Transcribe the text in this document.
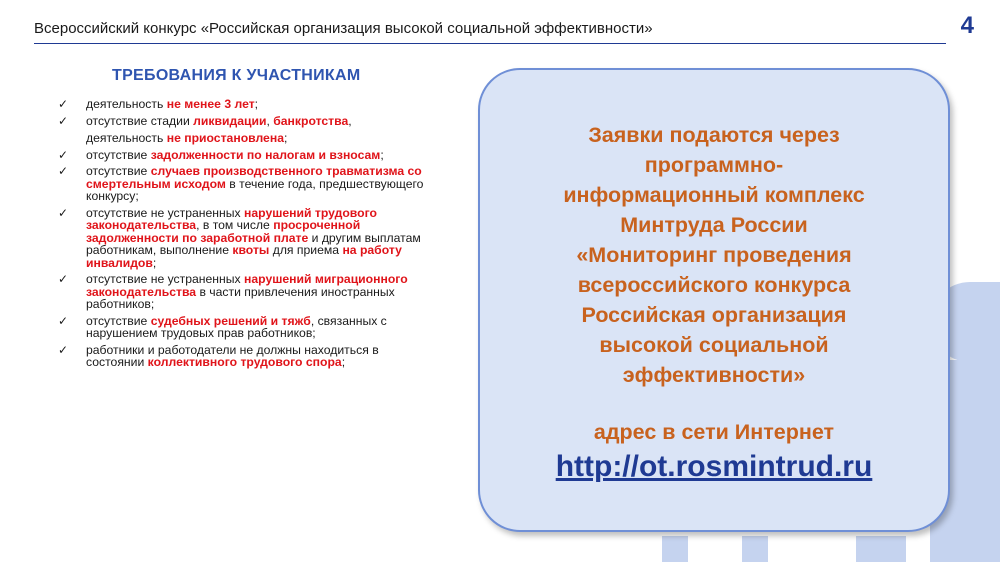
Всероссийский конкурс «Российская организация высокой социальной эффективности»	4
ТРЕБОВАНИЯ К УЧАСТНИКАМ
✓ деятельность не менее 3 лет;
✓ отсутствие стадии ликвидации, банкротства,
деятельность не приостановлена;
✓ отсутствие задолженности по налогам и взносам;
✓ отсутствие случаев производственного травматизма со смертельным исходом в течение года, предшествующего конкурсу;
✓ отсутствие не устраненных нарушений трудового законодательства, в том числе просроченной задолженности по заработной плате и другим выплатам работникам, выполнение квоты для приема на работу инвалидов;
✓ отсутствие не устраненных нарушений миграционного законодательства в части привлечения иностранных работников;
✓ отсутствие судебных решений и тяжб, связанных с нарушением трудовых прав работников;
✓ работники и работодатели не должны находиться в состоянии коллективного трудового спора;
Заявки подаются через
программно-
информационный комплекс
Минтруда России
«Мониторинг проведения
всероссийского конкурса
Российская организация
высокой социальной
эффективности»
адрес в сети Интернет
http://ot.rosmintrud.ru
